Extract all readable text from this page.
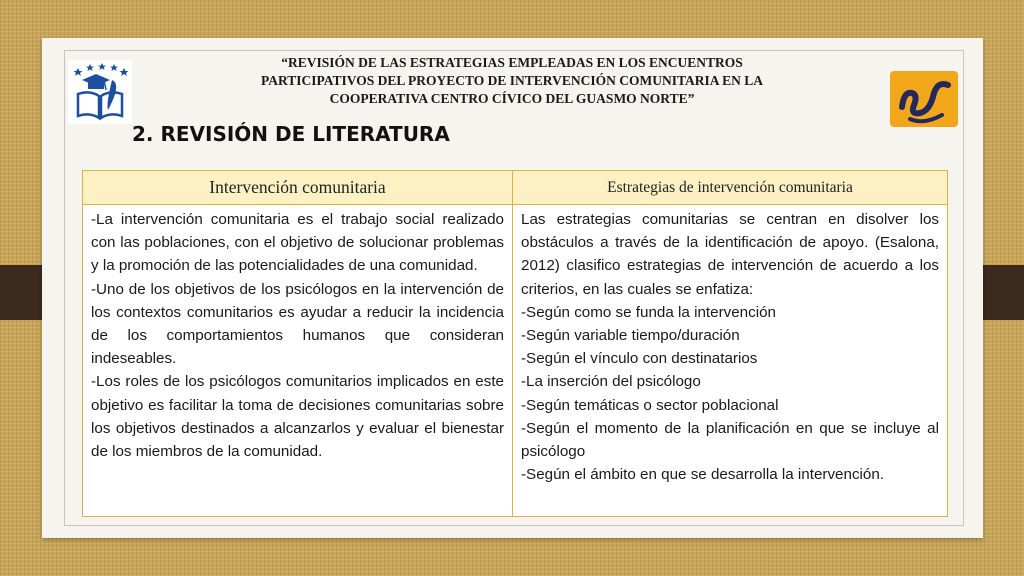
“REVISIÓN DE LAS ESTRATEGIAS EMPLEADAS EN LOS ENCUENTROS
PARTICIPATIVOS DEL PROYECTO DE INTERVENCIÓN COMUNITARIA EN LA
COOPERATIVA CENTRO CÍVICO DEL GUASMO NORTE”
2. REVISIÓN DE LITERATURA
Intervención comunitaria	Estrategias de intervención comunitaria

-La intervención comunitaria es el trabajo social realizado con las poblaciones, con el objetivo de solucionar problemas y la promoción de las potencialidades de una comunidad.

-Uno de los objetivos de los psicólogos en la intervención de los contextos comunitarios es ayudar a reducir la incidencia de los comportamientos humanos que consideran indeseables.

-Los roles de los psicólogos comunitarios implicados en este objetivo es facilitar la toma de decisiones comunitarias sobre los objetivos destinados a alcanzarlos y evaluar el bienestar de los miembros de la comunidad.

Las estrategias comunitarias se centran en disolver los obstáculos a través de la identificación de apoyo. (Esalona, 2012) clasifico estrategias de intervención de acuerdo a los criterios, en las cuales se enfatiza:

-Según como se funda la intervención

-Según variable tiempo/duración

-Según el vínculo con destinatarios

-La inserción del psicólogo

-Según temáticas o sector poblacional

-Según el momento de la planificación en que se incluye al psicólogo

-Según el ámbito en que se desarrolla la intervención.
